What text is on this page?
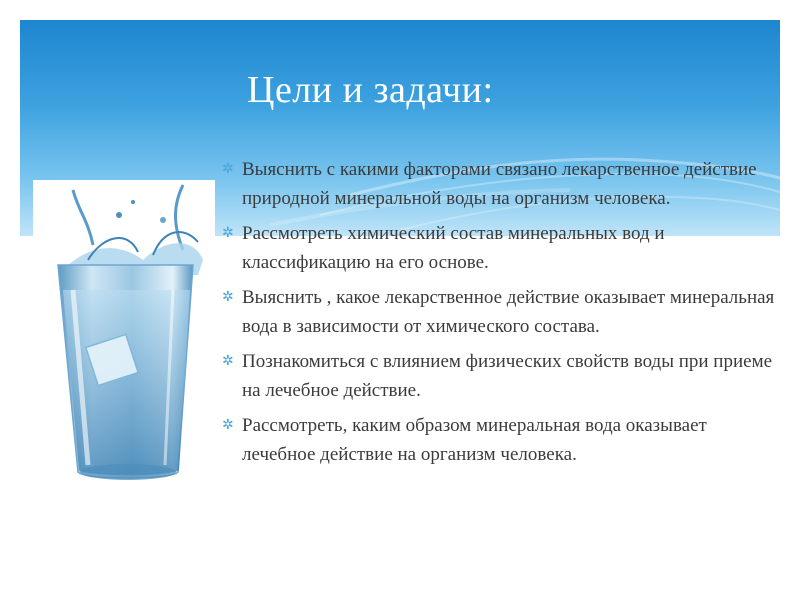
Цели и задачи:
✲ Выяснить с какими факторами связано лекарственное действие природной минеральной воды на организм человека.
✲ Рассмотреть химический состав минеральных вод и классификацию на его основе.
✲ Выяснить , какое лекарственное действие оказывает минеральная вода в зависимости от химического состава.
✲ Познакомиться с влиянием физических свойств воды при приеме на лечебное действие.
✲ Рассмотреть, каким образом минеральная вода оказывает лечебное действие на организм человека.
